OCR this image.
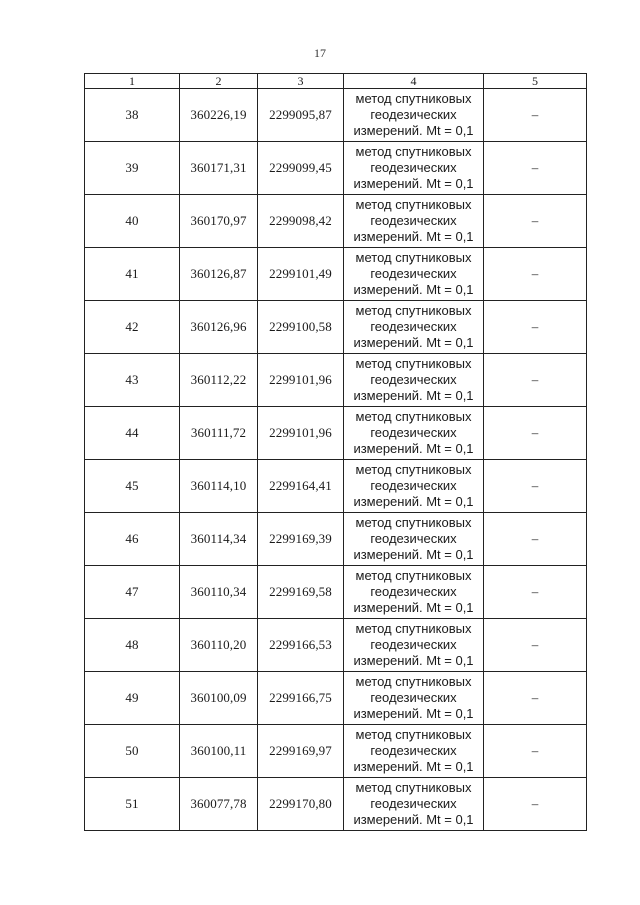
17
1	2	3	4	5
38	360226,19	2299095,87	метод спутниковых
геодезических
измерений. Mt = 0,1	–
39	360171,31	2299099,45	метод спутниковых
геодезических
измерений. Mt = 0,1	–
40	360170,97	2299098,42	метод спутниковых
геодезических
измерений. Mt = 0,1	–
41	360126,87	2299101,49	метод спутниковых
геодезических
измерений. Mt = 0,1	–
42	360126,96	2299100,58	метод спутниковых
геодезических
измерений. Mt = 0,1	–
43	360112,22	2299101,96	метод спутниковых
геодезических
измерений. Mt = 0,1	–
44	360111,72	2299101,96	метод спутниковых
геодезических
измерений. Mt = 0,1	–
45	360114,10	2299164,41	метод спутниковых
геодезических
измерений. Mt = 0,1	–
46	360114,34	2299169,39	метод спутниковых
геодезических
измерений. Mt = 0,1	–
47	360110,34	2299169,58	метод спутниковых
геодезических
измерений. Mt = 0,1	–
48	360110,20	2299166,53	метод спутниковых
геодезических
измерений. Mt = 0,1	–
49	360100,09	2299166,75	метод спутниковых
геодезических
измерений. Mt = 0,1	–
50	360100,11	2299169,97	метод спутниковых
геодезических
измерений. Mt = 0,1	–
51	360077,78	2299170,80	метод спутниковых
геодезических
измерений. Mt = 0,1	–
